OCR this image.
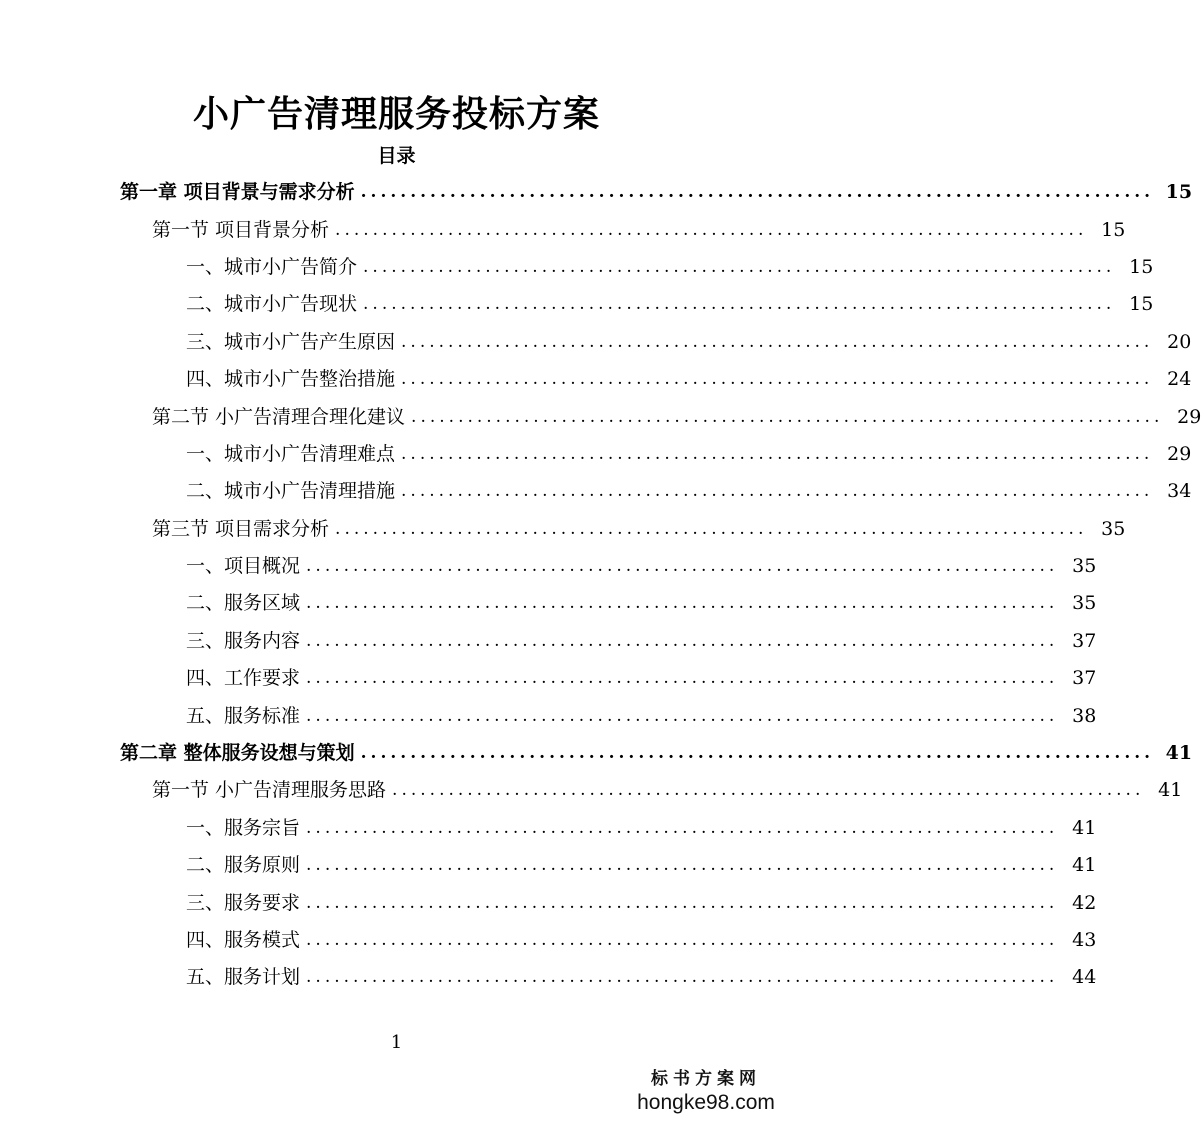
小广告清理服务投标方案
目录
第一章 项目背景与需求分析 ................................................................................ 15
第一节 项目背景分析 ................................................................................ 15
一、城市小广告简介 ................................................................................ 15
二、城市小广告现状 ................................................................................ 15
三、城市小广告产生原因 ................................................................................ 20
四、城市小广告整治措施 ................................................................................ 24
第二节 小广告清理合理化建议 ................................................................................ 29
一、城市小广告清理难点 ................................................................................ 29
二、城市小广告清理措施 ................................................................................ 34
第三节 项目需求分析 ................................................................................ 35
一、项目概况 ................................................................................ 35
二、服务区域 ................................................................................ 35
三、服务内容 ................................................................................ 37
四、工作要求 ................................................................................ 37
五、服务标准 ................................................................................ 38
第二章 整体服务设想与策划 ................................................................................ 41
第一节 小广告清理服务思路 ................................................................................ 41
一、服务宗旨 ................................................................................ 41
二、服务原则 ................................................................................ 41
三、服务要求 ................................................................................ 42
四、服务模式 ................................................................................ 43
五、服务计划 ................................................................................ 44
1
标书方案网
hongke98.com
